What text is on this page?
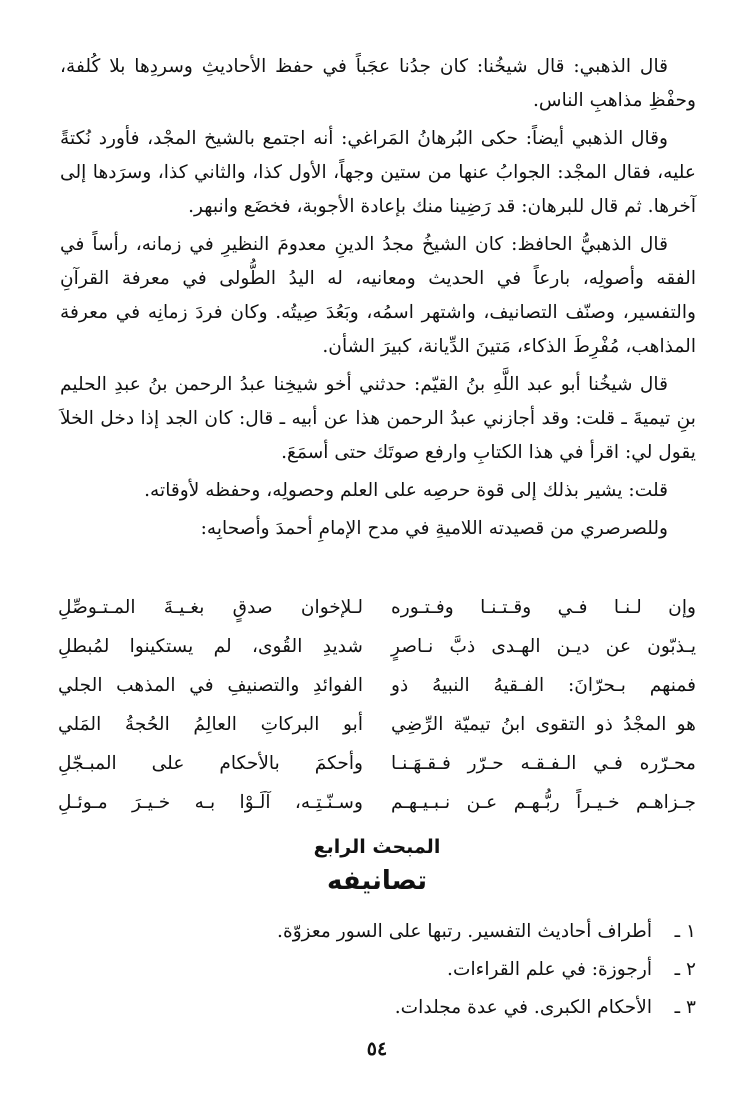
قال الذهبي: قال شيخُنا: كان جدُنا عجَباً في حفظ الأحاديثِ وسردِها بلا كُلفة، وحفْظِ مذاهبِ الناس.

وقال الذهبي أيضاً: حكى البُرهانُ المَراغي: أنه اجتمع بالشيخ المجْد، فأورد نُكتةً عليه، فقال المجْد: الجوابُ عنها من ستين وجهاً، الأول كذا، والثاني كذا، وسرَدها إلى آخرها. ثم قال للبرهان: قد رَضِينا منك بإعادة الأجوبة، فخضَع وانبهر.

قال الذهبيُّ الحافظ: كان الشيخُ مجدُ الدينِ معدومَ النظيرِ في زمانه، رأساً في الفقه وأصولِه، بارعاً في الحديث ومعانيه، له اليدُ الطُّولى في معرفة القرآنِ والتفسير، وصنّف التصانيف، واشتهر اسمُه، وبَعُدَ صِيتُه. وكان فردَ زمانِه في معرفة المذاهب، مُفْرِطَ الذكاء، مَتينَ الدِّيانة، كبيرَ الشأن.

قال شيخُنا أبو عبد اللَّهِ بنُ القيّم: حدثني أخو شيخِنا عبدُ الرحمن بنُ عبدِ الحليم بنِ تيميةَ ـ قلت: وقد أجازني عبدُ الرحمن هذا عن أبيه ـ قال: كان الجد إذا دخل الخلاَ يقول لي: اقرأ في هذا الكتابِ وارفع صوتَك حتى أسمَعَ.

قلت: يشير بذلك إلى قوة حرصِه على العلم وحصولِه، وحفظه لأوقاته.

وللصرصري من قصيدته اللاميةِ في مدح الإمامِ أحمدَ وأصحابِه:

وإن لـنـا فـي وقـتـنـا وفـتـوره
لـلإخوان صدقٍ بغـيـةَ المـتـوصِّلِ
يـذبّون عن ديـن الهـدى ذبَّ نـاصرٍ
شديدِ القُوى، لم يستكينوا لمُبطلِ
فمنهم بـحرّانَ: الفـقيهُ النبيهُ ذو
الفوائدِ والتصنيفِ في المذهب الجلي
هو المجْدُ ذو التقوى ابنُ تيميّة الرِّضِي
أبو البركاتِ العالِمُ الحُجةُ المَلي
محـرّره فـي الـفـقـه حـرّر فـقـهَـنـا
وأحكمَ بالأحكام على المبـجّلِ
جـزاهـم خـيـراً ربُّـهـم عـن نـبـيـهـم
وسـنّـتِـه، آلَـوْا بـه خـيـرَ مـوئـلِ
المبحث الرابع
تصانيفه
١ ـ
أطراف أحاديث التفسير. رتبها على السور معزوّة.
٢ ـ
أرجوزة: في علم القراءات.
٣ ـ
الأحكام الكبرى. في عدة مجلدات.
٥٤
